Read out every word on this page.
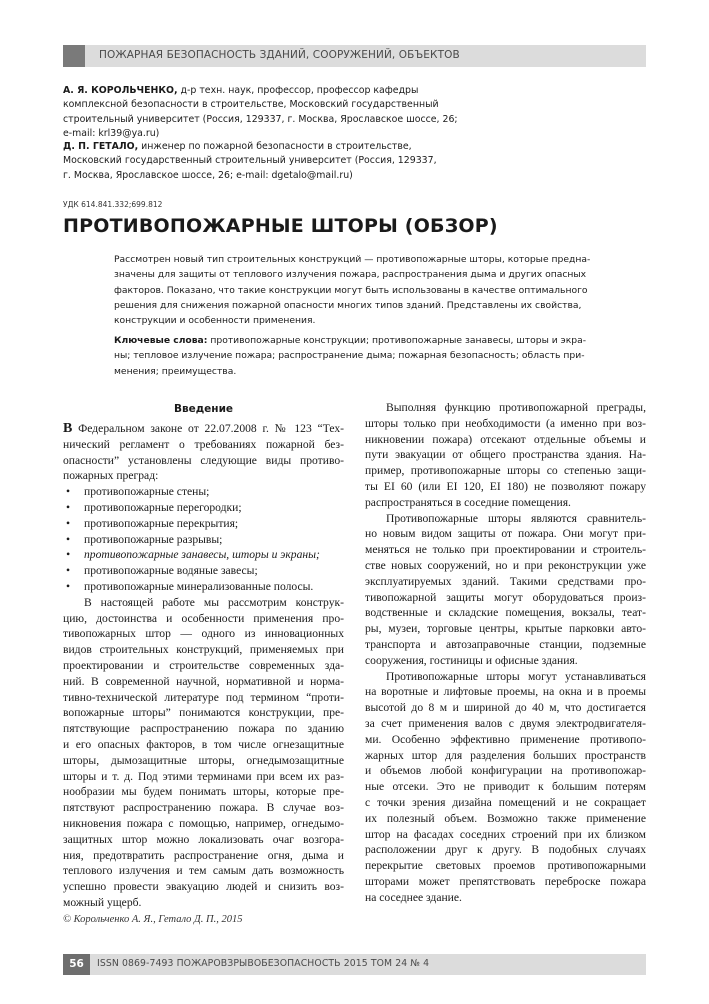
ПОЖАРНАЯ БЕЗОПАСНОСТЬ ЗДАНИЙ, СООРУЖЕНИЙ, ОБЪЕКТОВ
А. Я. КОРОЛЬЧЕНКО, д-р техн. наук, профессор, профессор кафедры
комплексной безопасности в строительстве, Московский государственный
строительный университет (Россия, 129337, г. Москва, Ярославское шоссе, 26;
e-mail: krl39@ya.ru)
Д. П. ГЕТАЛО, инженер по пожарной безопасности в строительстве,
Московский государственный строительный университет (Россия, 129337,
г. Москва, Ярославское шоссе, 26; e-mail: dgetalo@mail.ru)
УДК 614.841.332;699.812
ПРОТИВОПОЖАРНЫЕ ШТОРЫ (ОБЗОР)
Рассмотрен новый тип строительных конструкций — противопожарные шторы, которые предна-
значены для защиты от теплового излучения пожара, распространения дыма и других опасных
факторов. Показано, что такие конструкции могут быть использованы в качестве оптимального
решения для снижения пожарной опасности многих типов зданий. Представлены их свойства,
конструкции и особенности применения.
Ключевые слова: противопожарные конструкции; противопожарные занавесы, шторы и экра-
ны; тепловое излучение пожара; распространение дыма; пожарная безопасность; область при-
менения; преимущества.
Введение
В Федеральном законе от 22.07.2008 г. № 123 “Тех-
нический регламент о требованиях пожарной без-
опасности” установлены следующие виды противо-
пожарных преград:
• противопожарные стены;
• противопожарные перегородки;
• противопожарные перекрытия;
• противопожарные разрывы;
• противопожарные занавесы, шторы и экраны;
• противопожарные водяные завесы;
• противопожарные минерализованные полосы.
В настоящей работе мы рассмотрим конструк-
цию, достоинства и особенности применения про-
тивопожарных штор — одного из инновационных
видов строительных конструкций, применяемых при
проектировании и строительстве современных зда-
ний. В современной научной, нормативной и норма-
тивно-технической литературе под термином “проти-
вопожарные шторы” понимаются конструкции, пре-
пятствующие распространению пожара по зданию
и его опасных факторов, в том числе огнезащитные
шторы, дымозащитные шторы, огнедымозащитные
шторы и т. д. Под этими терминами при всем их раз-
нообразии мы будем понимать шторы, которые пре-
пятствуют распространению пожара. В случае воз-
никновения пожара с помощью, например, огнедымо-
защитных штор можно локализовать очаг возгора-
ния, предотвратить распространение огня, дыма и
теплового излучения и тем самым дать возможность
успешно провести эвакуацию людей и снизить воз-
можный ущерб.
Выполняя функцию противопожарной преграды,
шторы только при необходимости (а именно при воз-
никновении пожара) отсекают отдельные объемы и
пути эвакуации от общего пространства здания. На-
пример, противопожарные шторы со степенью защи-
ты EI 60 (или EI 120, EI 180) не позволяют пожару
распространяться в соседние помещения.
Противопожарные шторы являются сравнитель-
но новым видом защиты от пожара. Они могут при-
меняться не только при проектировании и строитель-
стве новых сооружений, но и при реконструкции уже
эксплуатируемых зданий. Такими средствами про-
тивопожарной защиты могут оборудоваться произ-
водственные и складские помещения, вокзалы, теат-
ры, музеи, торговые центры, крытые парковки авто-
транспорта и автозаправочные станции, подземные
сооружения, гостиницы и офисные здания.
Противопожарные шторы могут устанавливаться
на воротные и лифтовые проемы, на окна и в проемы
высотой до 8 м и шириной до 40 м, что достигается
за счет применения валов с двумя электродвигателя-
ми. Особенно эффективно применение противопо-
жарных штор для разделения больших пространств
и объемов любой конфигурации на противопожар-
ные отсеки. Это не приводит к большим потерям
с точки зрения дизайна помещений и не сокращает
их полезный объем. Возможно также применение
штор на фасадах соседних строений при их близком
расположении друг к другу. В подобных случаях
перекрытие световых проемов противопожарными
шторами может препятствовать переброске пожара
на соседнее здание.
© Корольченко А. Я., Гетало Д. П., 2015
56	ISSN 0869-7493 ПОЖАРОВЗРЫВОБЕЗОПАСНОСТЬ 2015 ТОМ 24 № 4
